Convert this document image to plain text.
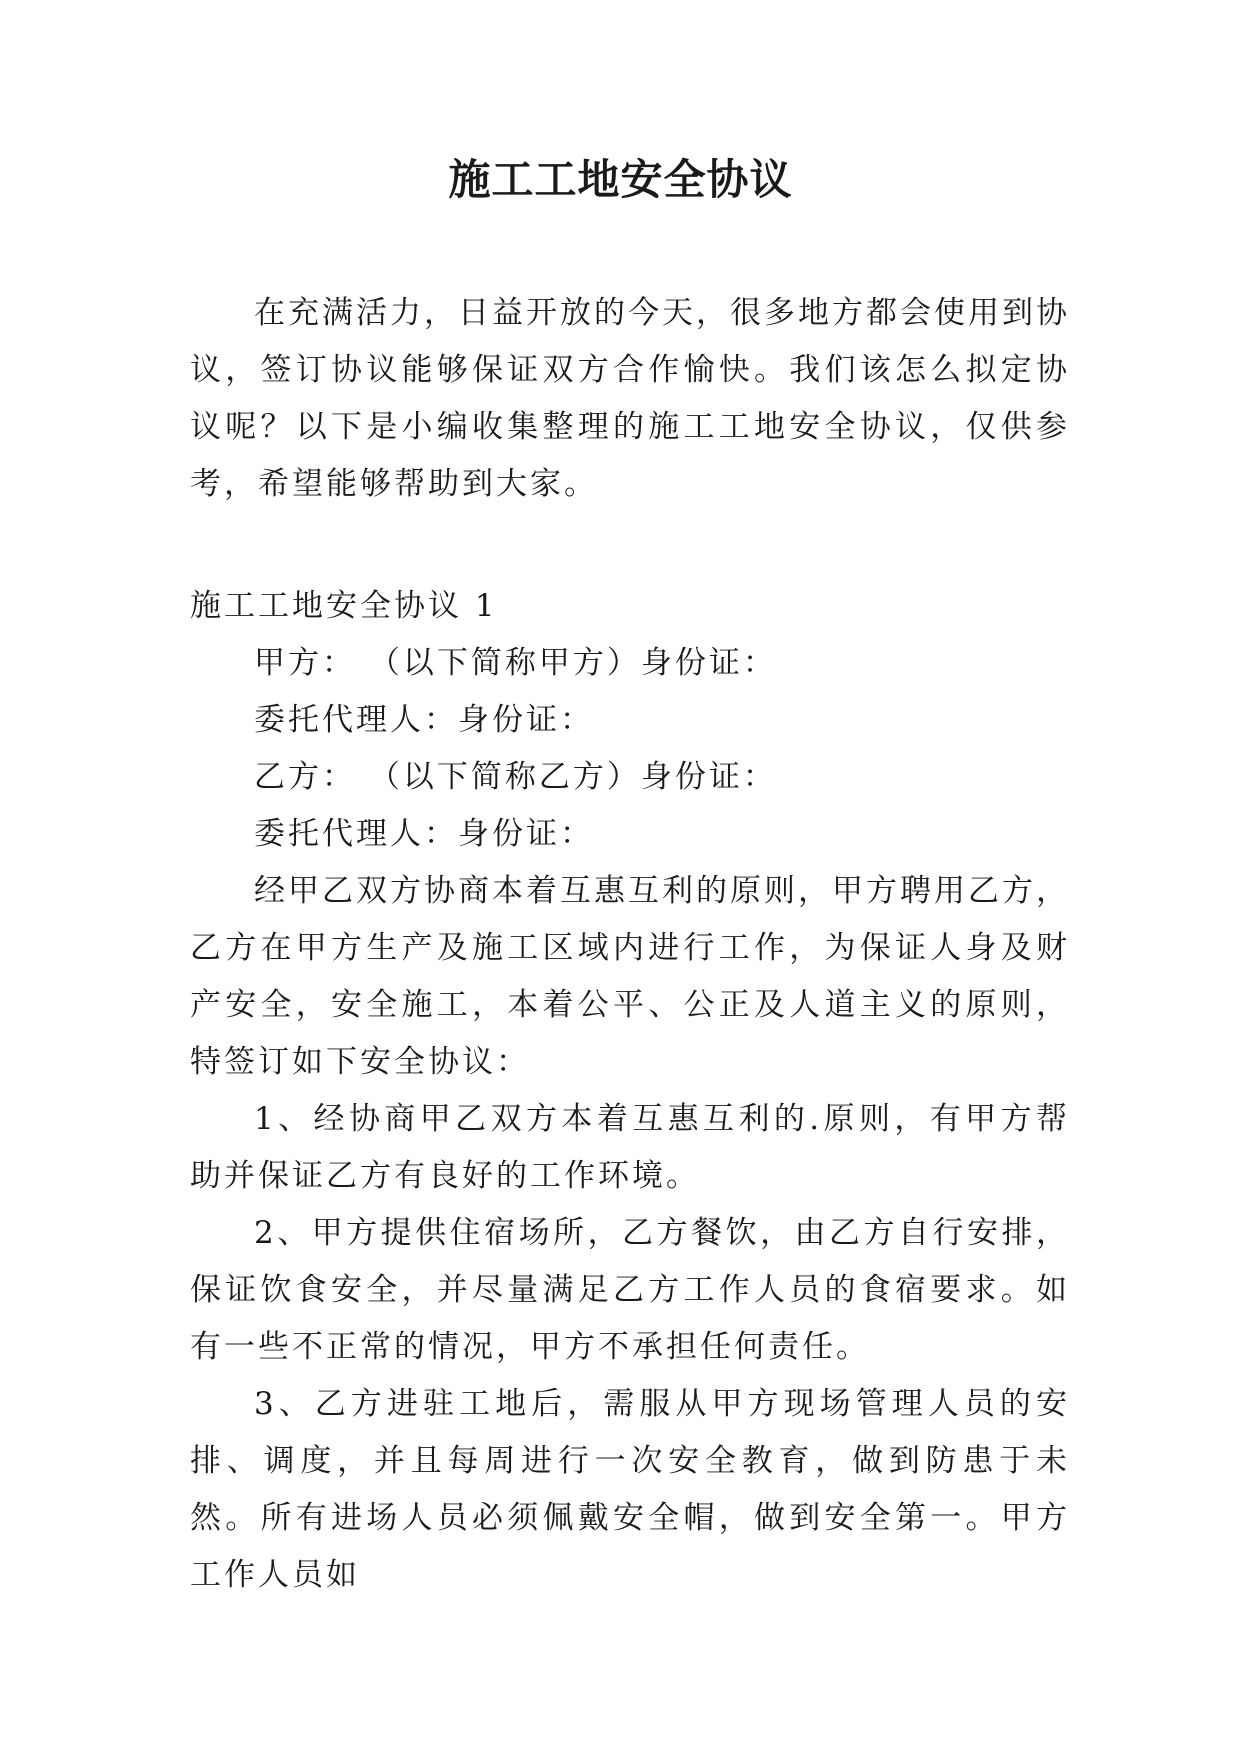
施工工地安全协议

在充满活力，日益开放的今天，很多地方都会使用到协议，签订协议能够保证双方合作愉快。我们该怎么拟定协议呢？以下是小编收集整理的施工工地安全协议，仅供参考，希望能够帮助到大家。

施工工地安全协议 1

甲方： （以下简称甲方）身份证：

委托代理人：身份证：

乙方： （以下简称乙方）身份证：

委托代理人：身份证：

经甲乙双方协商本着互惠互利的原则，甲方聘用乙方，乙方在甲方生产及施工区域内进行工作，为保证人身及财产安全，安全施工，本着公平、公正及人道主义的原则，特签订如下安全协议：

1、经协商甲乙双方本着互惠互利的.原则，有甲方帮助并保证乙方有良好的工作环境。

2、甲方提供住宿场所，乙方餐饮，由乙方自行安排，保证饮食安全，并尽量满足乙方工作人员的食宿要求。如有一些不正常的情况，甲方不承担任何责任。

3、乙方进驻工地后，需服从甲方现场管理人员的安排、调度，并且每周进行一次安全教育，做到防患于未然。所有进场人员必须佩戴安全帽，做到安全第一。甲方工作人员如
